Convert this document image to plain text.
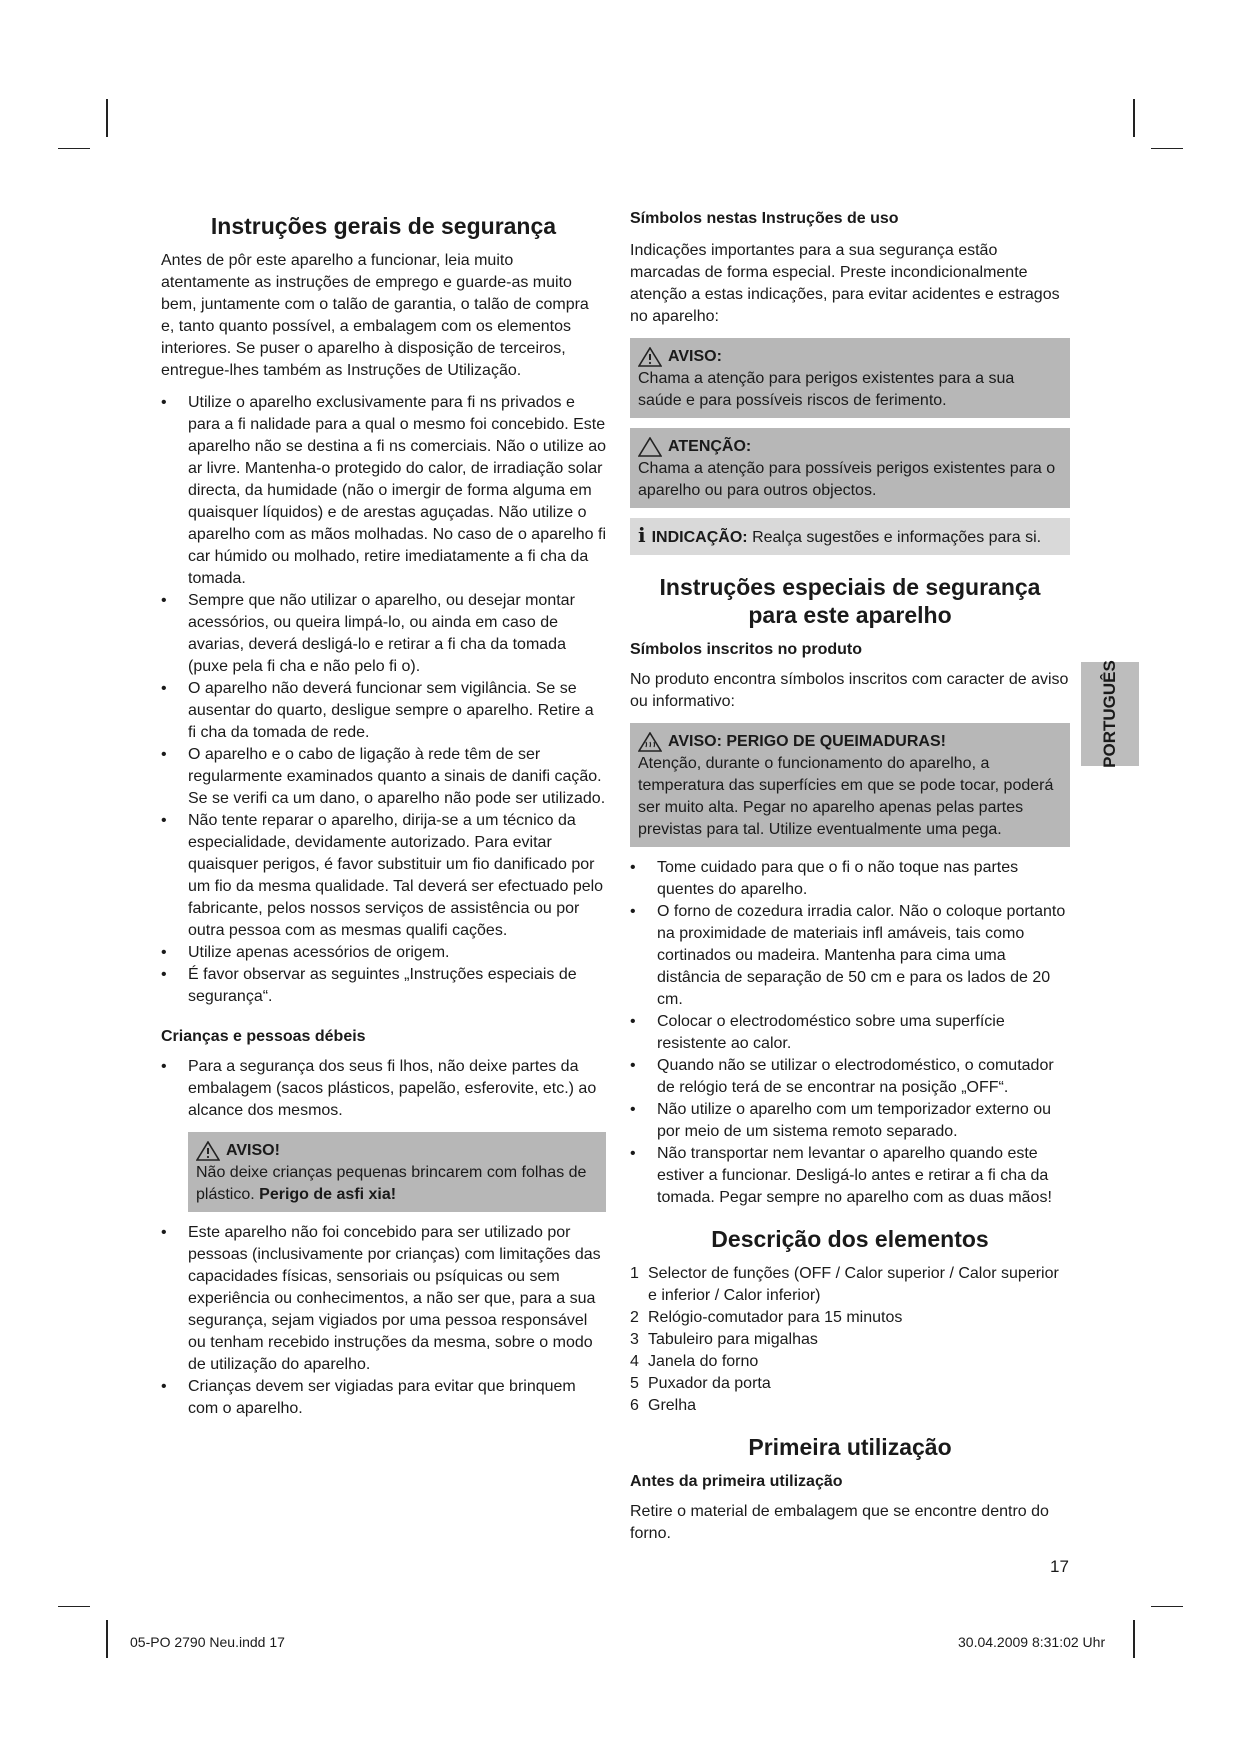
Instruções gerais de segurança

Antes de pôr este aparelho a funcionar, leia muito atentamente as instruções de emprego e guarde-as muito bem, juntamente com o talão de garantia, o talão de compra e, tanto quanto possível, a embalagem com os elementos interiores. Se puser o aparelho à disposição de terceiros, entregue-lhes também as Instruções de Utilização.

• Utilize o aparelho exclusivamente para fi ns privados e para a fi nalidade para a qual o mesmo foi concebido. Este aparelho não se destina a fi ns comerciais. Não o utilize ao ar livre. Mantenha-o protegido do calor, de irradiação solar directa, da humidade (não o imergir de forma alguma em quaisquer líquidos) e de arestas aguçadas. Não utilize o aparelho com as mãos molhadas. No caso de o aparelho fi car húmido ou molhado, retire imediatamente a fi cha da tomada.
• Sempre que não utilizar o aparelho, ou desejar montar acessórios, ou queira limpá-lo, ou ainda em caso de avarias, deverá desligá-lo e retirar a fi cha da tomada (puxe pela fi cha e não pelo fi o).
• O aparelho não deverá funcionar sem vigilância. Se se ausentar do quarto, desligue sempre o aparelho. Retire a fi cha da tomada de rede.
• O aparelho e o cabo de ligação à rede têm de ser regularmente examinados quanto a sinais de danifi cação. Se se verifi ca um dano, o aparelho não pode ser utilizado.
• Não tente reparar o aparelho, dirija-se a um técnico da especialidade, devidamente autorizado. Para evitar quaisquer perigos, é favor substituir um fio danificado por um fio da mesma qualidade. Tal deverá ser efectuado pelo fabricante, pelos nossos serviços de assistência ou por outra pessoa com as mesmas qualifi cações.
• Utilize apenas acessórios de origem.
• É favor observar as seguintes „Instruções especiais de segurança“.
Crianças e pessoas débeis
• Para a segurança dos seus fi lhos, não deixe partes da embalagem (sacos plásticos, papelão, esferovite, etc.) ao alcance dos mesmos.
AVISO!
Não deixe crianças pequenas brincarem com folhas de plástico. Perigo de asfi xia!
• Este aparelho não foi concebido para ser utilizado por pessoas (inclusivamente por crianças) com limitações das capacidades físicas, sensoriais ou psíquicas ou sem experiência ou conhecimentos, a não ser que, para a sua segurança, sejam vigiados por uma pessoa responsável ou tenham recebido instruções da mesma, sobre o modo de utilização do aparelho.
• Crianças devem ser vigiadas para evitar que brinquem com o aparelho.
Símbolos nestas Instruções de uso

Indicações importantes para a sua segurança estão marcadas de forma especial. Preste incondicionalmente atenção a estas indicações, para evitar acidentes e estragos no aparelho:

AVISO:
Chama a atenção para perigos existentes para a sua saúde e para possíveis riscos de ferimento.
ATENÇÃO:
Chama a atenção para possíveis perigos existentes para o aparelho ou para outros objectos.
i INDICAÇÃO: Realça sugestões e informações para si.
Instruções especiais de segurança
para este aparelho
Símbolos inscritos no produto

No produto encontra símbolos inscritos com caracter de aviso ou informativo:

AVISO: PERIGO DE QUEIMADURAS!
Atenção, durante o funcionamento do aparelho, a temperatura das superfícies em que se pode tocar, poderá ser muito alta. Pegar no aparelho apenas pelas partes previstas para tal. Utilize eventualmente uma pega.
• Tome cuidado para que o fi o não toque nas partes quentes do aparelho.
• O forno de cozedura irradia calor. Não o coloque portanto na proximidade de materiais infl amáveis, tais como cortinados ou madeira. Mantenha para cima uma distância de separação de 50 cm e para os lados de 20 cm.
• Colocar o electrodoméstico sobre uma superfície resistente ao calor.
• Quando não se utilizar o electrodoméstico, o comutador de relógio terá de se encontrar na posição „OFF“.
• Não utilize o aparelho com um temporizador externo ou por meio de um sistema remoto separado.
• Não transportar nem levantar o aparelho quando este estiver a funcionar. Desligá-lo antes e retirar a fi cha da tomada. Pegar sempre no aparelho com as duas mãos!
Descrição dos elementos
1	Selector de funções (OFF / Calor superior / Calor superior e inferior / Calor inferior)
2	Relógio-comutador para 15 minutos
3	Tabuleiro para migalhas
4	Janela do forno
5	Puxador da porta
6	Grelha
Primeira utilização
Antes da primeira utilização

Retire o material de embalagem que se encontre dentro do forno.

PORTUGUÊS
17
05-PO 2790 Neu.indd 17	30.04.2009 8:31:02 Uhr
